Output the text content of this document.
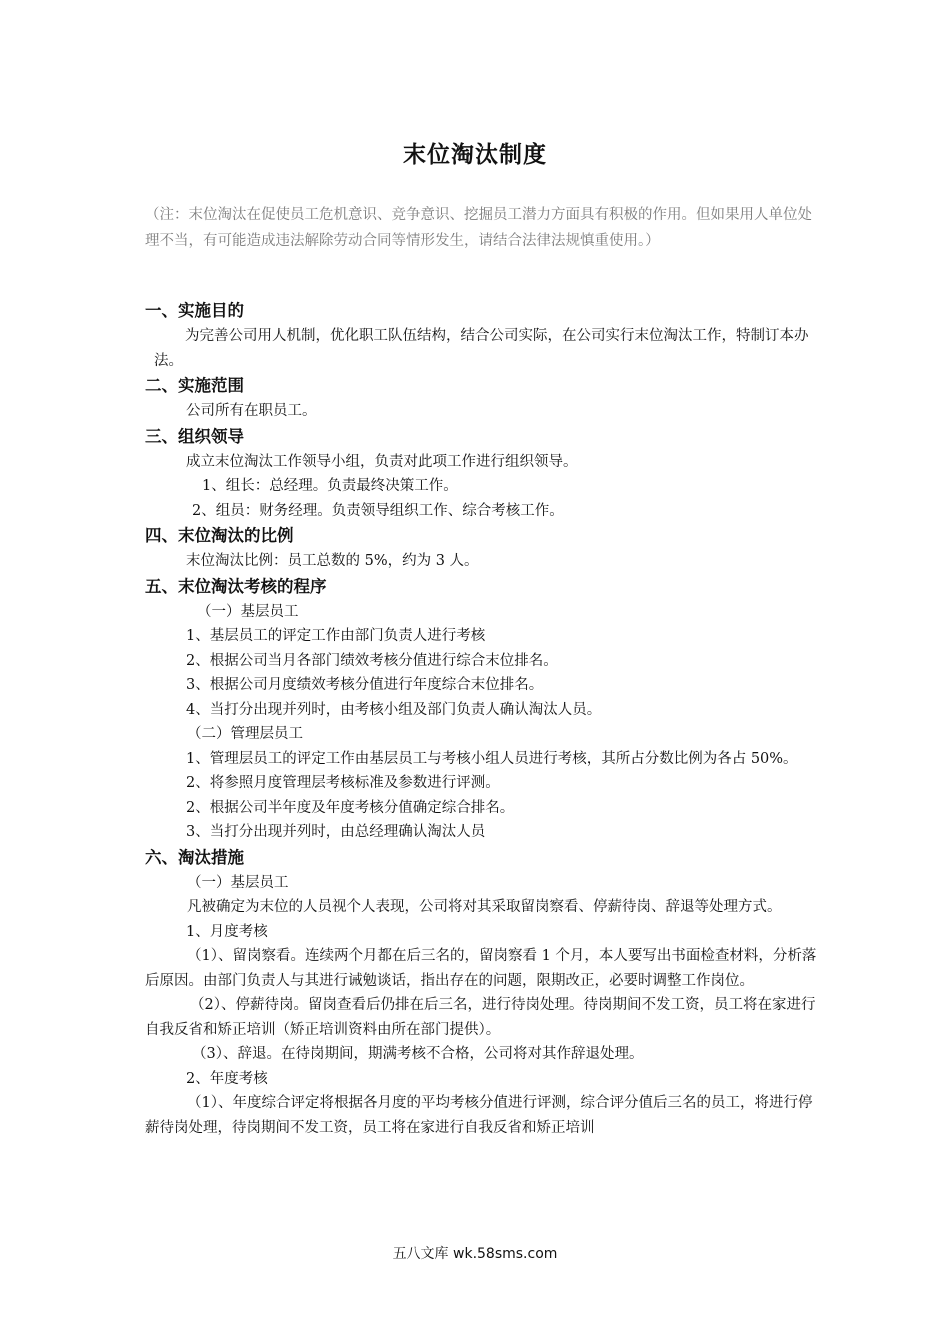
末位淘汰制度
（注：末位淘汰在促使员工危机意识、竞争意识、挖掘员工潜力方面具有积极的作用。但如果用人单位处理不当，有可能造成违法解除劳动合同等情形发生，请结合法律法规慎重使用。）
一、实施目的
为完善公司用人机制，优化职工队伍结构，结合公司实际，在公司实行末位淘汰工作，特制订本办法。
二、实施范围
公司所有在职员工。
三、组织领导
成立末位淘汰工作领导小组，负责对此项工作进行组织领导。
1、组长：总经理。负责最终决策工作。
2、组员：财务经理。负责领导组织工作、综合考核工作。
四、末位淘汰的比例
末位淘汰比例：员工总数的 5%，约为 3 人。
五、末位淘汰考核的程序
（一）基层员工
1、基层员工的评定工作由部门负责人进行考核
2、根据公司当月各部门绩效考核分值进行综合末位排名。
3、根据公司月度绩效考核分值进行年度综合末位排名。
4、当打分出现并列时，由考核小组及部门负责人确认淘汰人员。
（二）管理层员工
1、管理层员工的评定工作由基层员工与考核小组人员进行考核，其所占分数比例为各占 50%。
2、将参照月度管理层考核标准及参数进行评测。
2、根据公司半年度及年度考核分值确定综合排名。
3、当打分出现并列时，由总经理确认淘汰人员
六、淘汰措施
（一）基层员工
凡被确定为末位的人员视个人表现，公司将对其采取留岗察看、停薪待岗、辞退等处理方式。
1、月度考核
（1）、留岗察看。连续两个月都在后三名的，留岗察看 1 个月，本人要写出书面检查材料，分析落后原因。由部门负责人与其进行诫勉谈话，指出存在的问题，限期改正，必要时调整工作岗位。
（2）、停薪待岗。留岗查看后仍排在后三名，进行待岗处理。待岗期间不发工资，员工将在家进行自我反省和矫正培训（矫正培训资料由所在部门提供）。
（3）、辞退。在待岗期间，期满考核不合格，公司将对其作辞退处理。
2、年度考核
（1）、年度综合评定将根据各月度的平均考核分值进行评测，综合评分值后三名的员工，将进行停薪待岗处理，待岗期间不发工资，员工将在家进行自我反省和矫正培训
五八文库 wk.58sms.com
